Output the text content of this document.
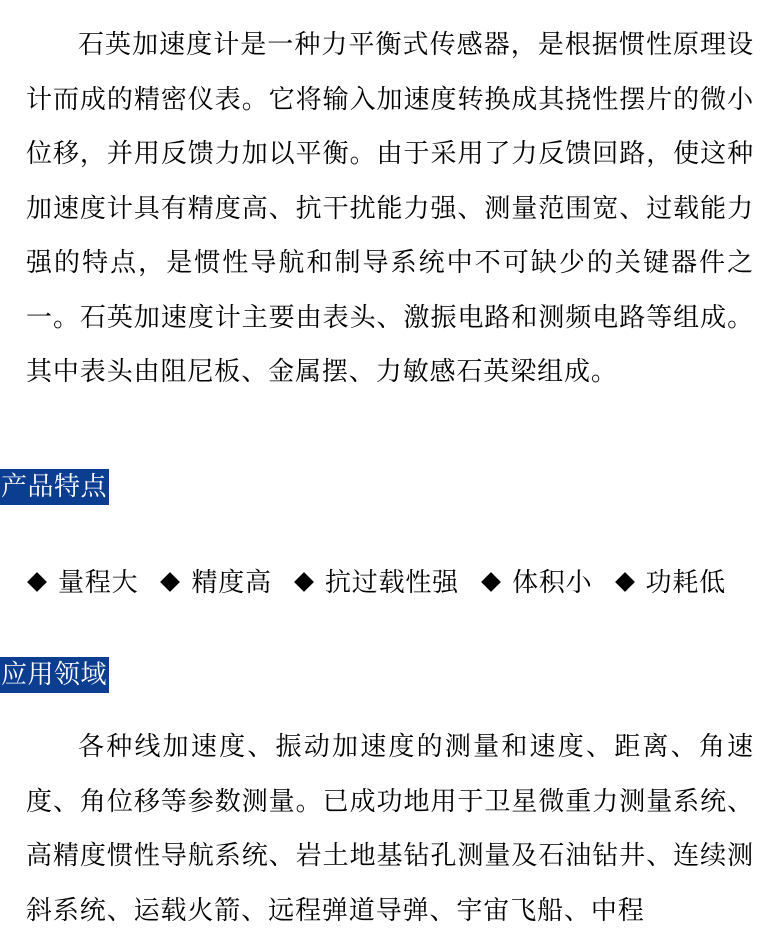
石英加速度计是一种力平衡式传感器，是根据惯性原理设计而成的精密仪表。它将输入加速度转换成其挠性摆片的微小位移，并用反馈力加以平衡。由于采用了力反馈回路，使这种加速度计具有精度高、抗干扰能力强、测量范围宽、过载能力强的特点，是惯性导航和制导系统中不可缺少的关键器件之一。石英加速度计主要由表头、激振电路和测频电路等组成。其中表头由阻尼板、金属摆、力敏感石英梁组成。

产品特点
量程大 精度高 抗过载性强 体积小 功耗低
应用领域

各种线加速度、振动加速度的测量和速度、距离、角速度、角位移等参数测量。已成功地用于卫星微重力测量系统、高精度惯性导航系统、岩土地基钻孔测量及石油钻井、连续测斜系统、运载火箭、远程弹道导弹、宇宙飞船、中程
